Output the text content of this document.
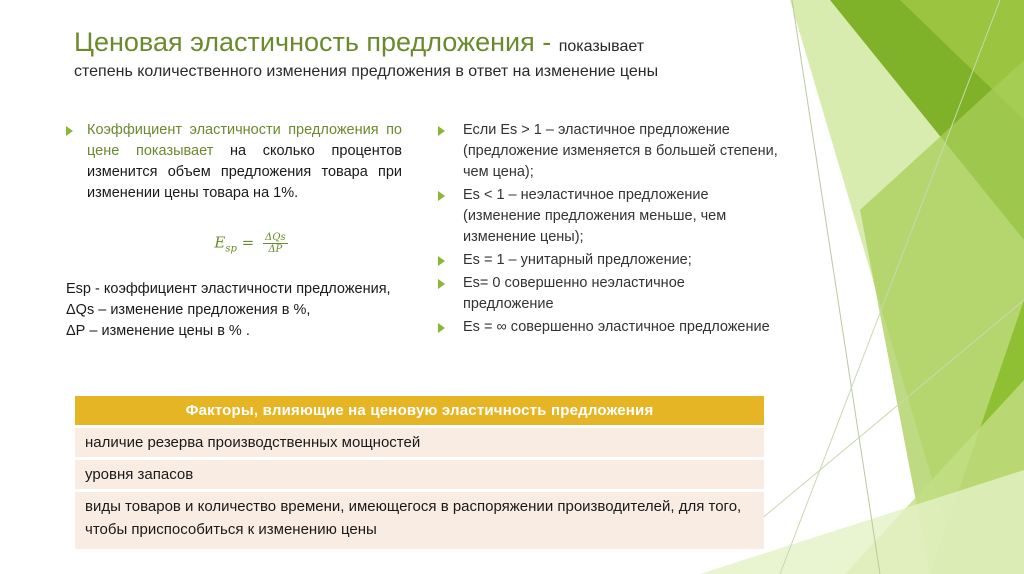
Ценовая эластичность предложения - показывает
степень количественного изменения предложения в ответ на изменение цены
Коэффициент эластичности предложения по цене показывает на сколько процентов изменится объем предложения товара при изменении цены товара на 1%.
$E_{sp} = \frac{\text{ΔQs}}{\Delta P}$
Esp - коэффициент эластичности предложения,
ΔQs – изменение предложения в %,
ΔР – изменение цены в % .
Если Es > 1 – эластичное предложение (предложение изменяется в большей степени, чем цена);
Es < 1 – неэластичное предложение (изменение предложения меньше, чем изменение цены);
Es = 1 – унитарный предложение;
Es= 0 совершенно неэластичное предложение
Es = ∞ совершенно эластичное предложение
Факторы, влияющие на ценовую эластичность предложения
наличие резерва производственных мощностей
уровня запасов
виды товаров и количество времени, имеющегося в распоряжении производителей, для того, чтобы приспособиться к изменению цены
